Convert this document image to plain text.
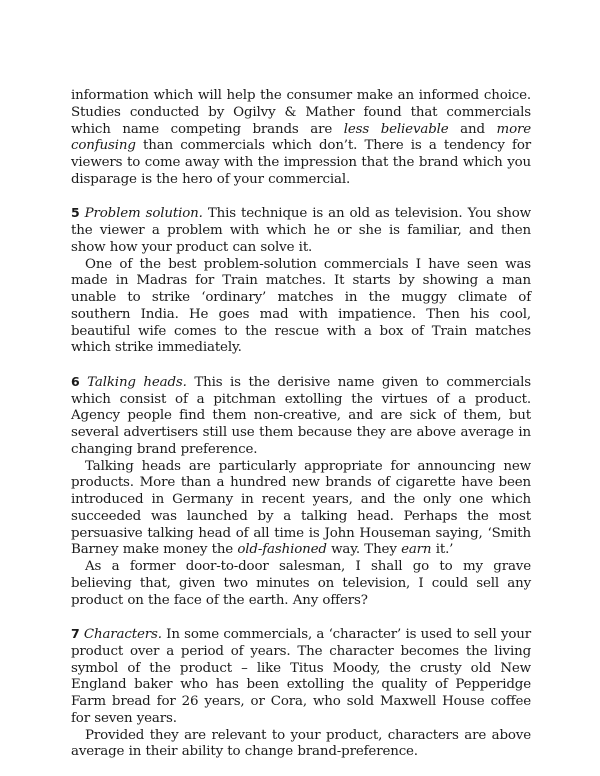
information which will help the consumer make an informed choice. Studies conducted by Ogilvy & Mather found that commercials which name competing brands are less believable and more confusing than commercials which don’t. There is a tendency for viewers to come away with the impression that the brand which you disparage is the hero of your commercial.

5 Problem solution. This technique is an old as television. You show the viewer a problem with which he or she is familiar, and then show how your product can solve it.

One of the best problem-solution commercials I have seen was made in Madras for Train matches. It starts by showing a man unable to strike ‘ordinary’ matches in the muggy climate of southern India. He goes mad with impatience. Then his cool, beautiful wife comes to the rescue with a box of Train matches which strike immediately.

6 Talking heads. This is the derisive name given to commercials which consist of a pitchman extolling the virtues of a product. Agency people find them non-creative, and are sick of them, but several advertisers still use them because they are above average in changing brand preference.

Talking heads are particularly appropriate for announcing new products. More than a hundred new brands of cigarette have been introduced in Germany in recent years, and the only one which succeeded was launched by a talking head. Perhaps the most persuasive talking head of all time is John Houseman saying, ‘Smith Barney make money the old-fashioned way. They earn it.’

As a former door-to-door salesman, I shall go to my grave believing that, given two minutes on television, I could sell any product on the face of the earth. Any offers?

7 Characters. In some commercials, a ‘character’ is used to sell your product over a period of years. The character becomes the living symbol of the product – like Titus Moody, the crusty old New England baker who has been extolling the quality of Pepperidge Farm bread for 26 years, or Cora, who sold Maxwell House coffee for seven years.

Provided they are relevant to your product, characters are above average in their ability to change brand-preference.
